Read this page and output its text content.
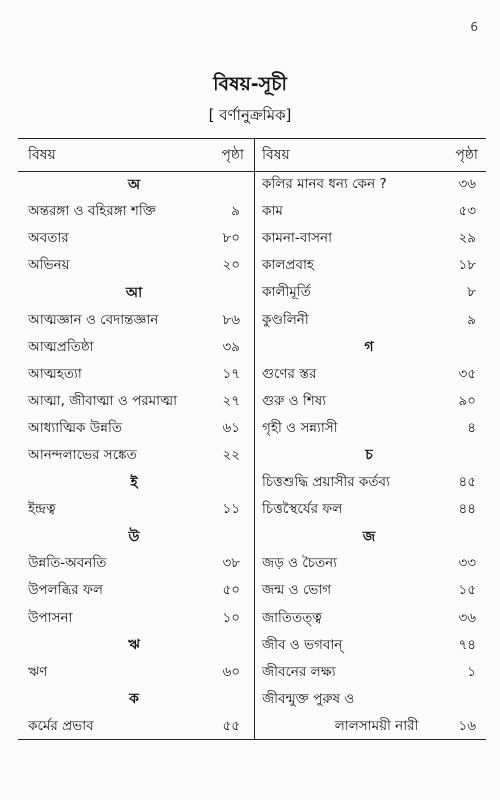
6
বিষয়-সূচী
[ বর্ণানুক্রমিক]
বিষয়	পৃষ্ঠা
অ
অন্তরঙ্গা ও বহিরঙ্গা শক্তি	৯
অবতার	৮০
অভিনয়	২০
আ
আত্মজ্ঞান ও বেদান্তজ্ঞান	৮৬
আত্মপ্রতিষ্ঠা	৩৯
আত্মহত্যা	১৭
আত্মা, জীবাত্মা ও পরমাত্মা	২৭
আধ্যাত্মিক উন্নতি	৬১
আনন্দলাভের সঙ্কেত	২২
ই
ইন্দ্রত্ব	১১
উ
উন্নতি-অবনতি	৩৮
উপলব্ধির ফল	৫০
উপাসনা	১০
ঋ
ঋণ	৬০
ক
কর্মের প্রভাব	৫৫
বিষয়	পৃষ্ঠা
কলির মানব ধন্য কেন ?	৩৬
কাম	৫৩
কামনা-বাসনা	২৯
কালপ্রবাহ	১৮
কালীমূর্তি	৮
কুণ্ডলিনী	৯
গ
গুণের স্তর	৩৫
গুরু ও শিষ্য	৯০
গৃহী ও সন্ন্যাসী	৪
চ
চিত্তশুদ্ধি প্রয়াসীর কর্তব্য	৪৫
চিত্তস্থৈর্যের ফল	৪৪
জ
জড় ও চৈতন্য	৩৩
জন্ম ও ভোগ	১৫
জাতিতত্ত্ব	৩৬
জীব ও ভগবান্	৭৪
জীবনের লক্ষ্য	১
জীবন্মুক্ত পুরুষ ও
লালসাময়ী নারী	১৬
